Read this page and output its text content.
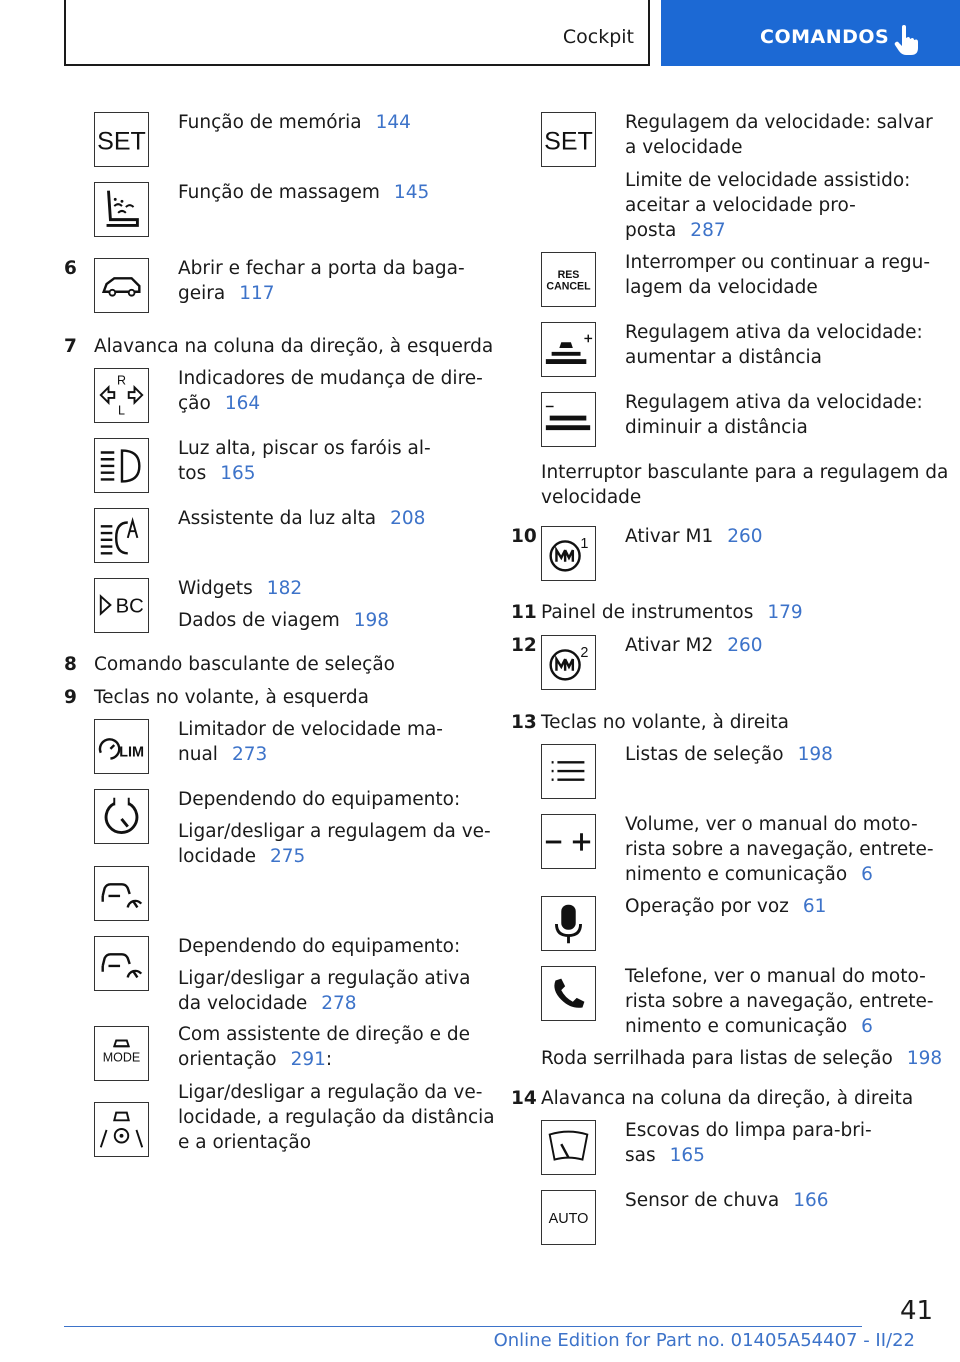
Cockpit	COMANDOS
SET
Função de memória 144
Função de massagem 145
6	Abrir e fechar a porta da baga-
geira 117
7 Alavanca na coluna da direção, à esquerda
R
L
Indicadores de mudança de dire-
ção 164
Luz alta, piscar os faróis al-
tos 165
Assistente da luz alta 208
BC
Widgets 182
Dados de viagem 198
8 Comando basculante de seleção
9 Teclas no volante, à esquerda
LIM
Limitador de velocidade ma-
nual 273
Dependendo do equipamento:
Ligar/desligar a regulagem da ve-
locidade 275
Dependendo do equipamento:
Ligar/desligar a regulação ativa
da velocidade 278
MODE
Com assistente de direção e de
orientação 291:
Ligar/desligar a regulação da ve-
locidade, a regulação da distância
e a orientação
SET
Regulagem da velocidade: salvar
a velocidade
Limite de velocidade assistido:
aceitar a velocidade pro-
posta 287
RES
CANCEL
Interromper ou continuar a regu-
lagem da velocidade
Regulagem ativa da velocidade:
aumentar a distância
Regulagem ativa da velocidade:
diminuir a distância
Interruptor basculante para a regulagem da
velocidade
10	1 Ativar M1 260
11 Painel de instrumentos 179
12	2 Ativar M2 260
13 Teclas no volante, à direita
Listas de seleção 198
Volume, ver o manual do moto-
rista sobre a navegação, entrete-
nimento e comunicação 6
Operação por voz 61
Telefone, ver o manual do moto-
rista sobre a navegação, entrete-
nimento e comunicação 6
Roda serrilhada para listas de seleção 198
14 Alavanca na coluna da direção, à direita
Escovas do limpa para-bri-
sas 165
AUTO
Sensor de chuva 166
41
Online Edition for Part no. 01405A54407 - II/22
